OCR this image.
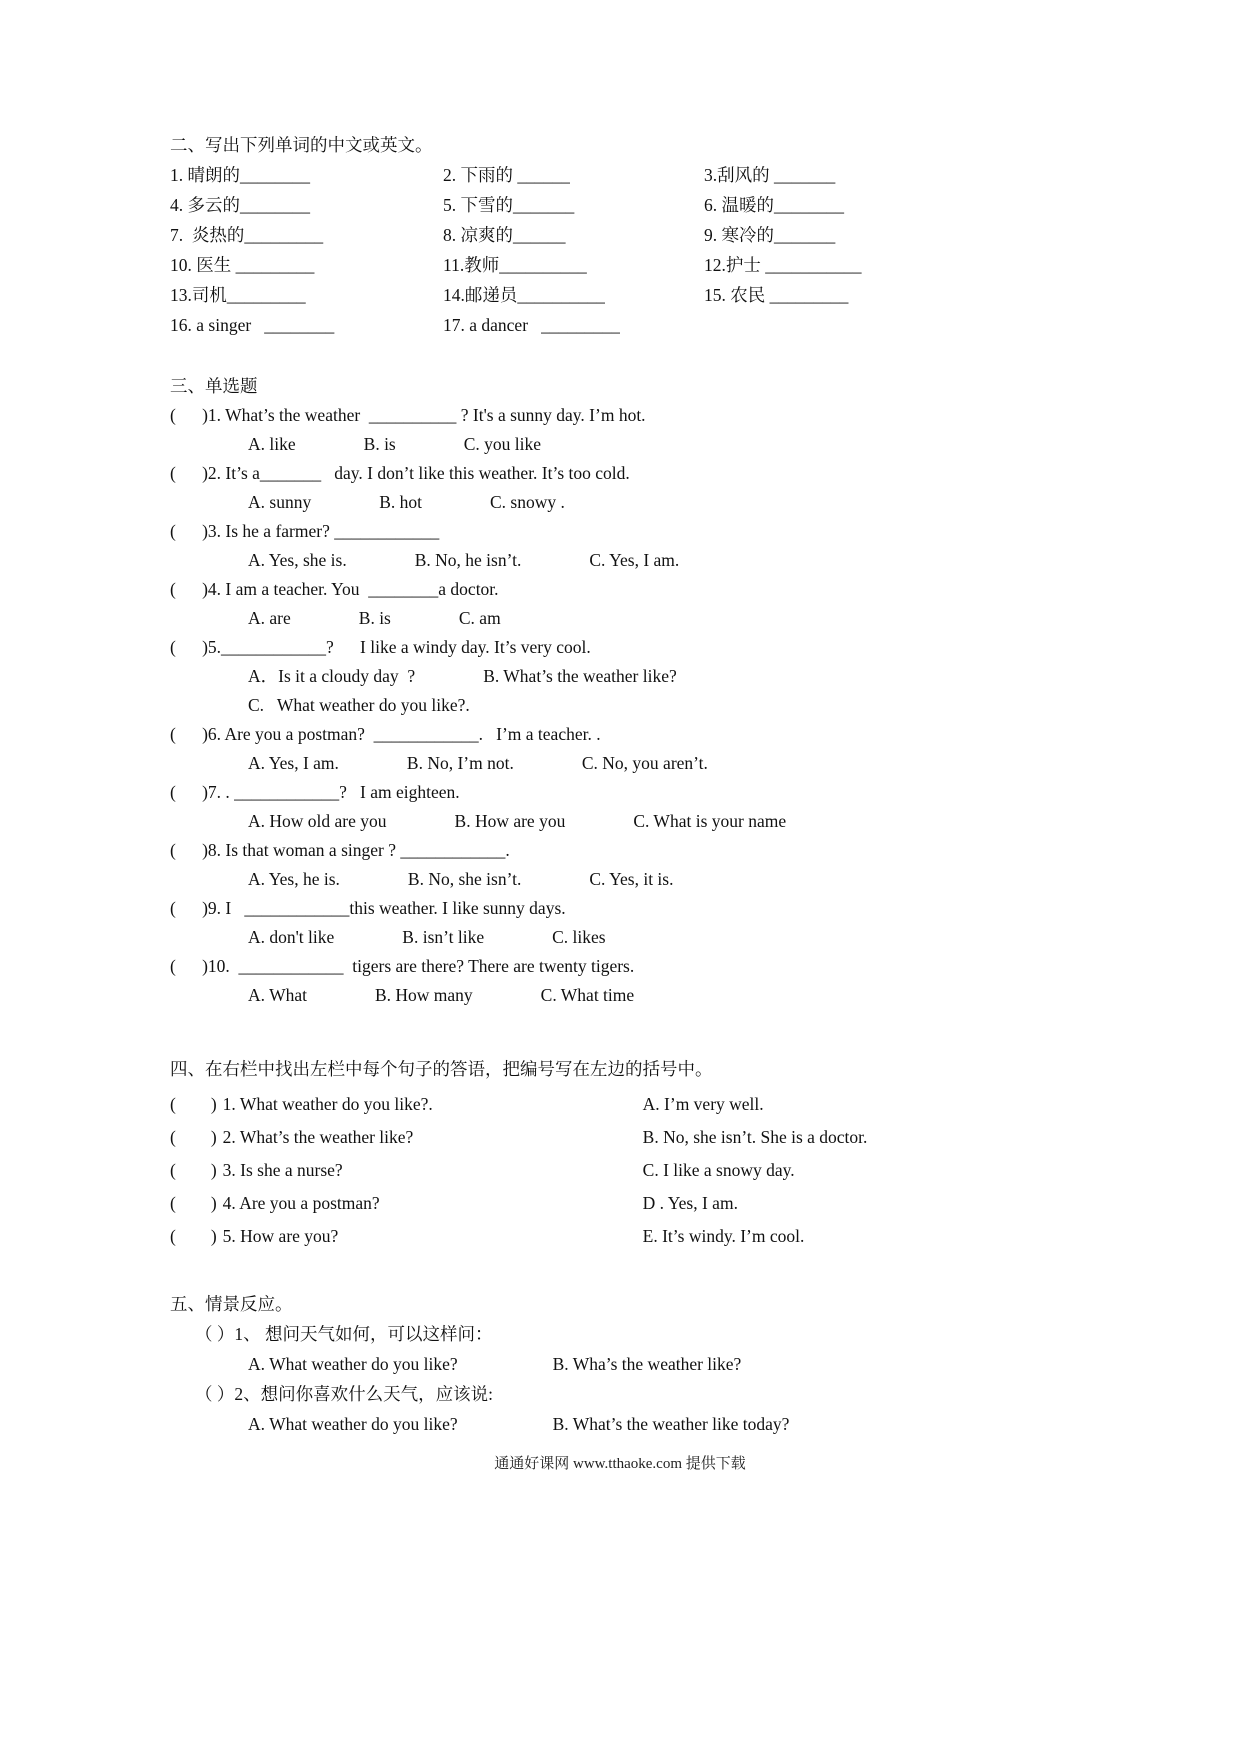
二、写出下列单词的中文或英文。
1. 晴朗的________	2. 下雨的 ______	3.刮风的 _______
4. 多云的________	5. 下雪的_______	6. 温暖的________
7.  炎热的_________	8. 凉爽的______	9. 寒冷的_______
10. 医生 _________	11.教师__________	12.护士 ___________
13.司机_________	14.邮递员__________	15. 农民 _________
16. a singer   ________	17. a dancer   _________
三、单选题
(      )1. What’s the weather  __________ ? It's a sunny day. I’m hot.
A. like	B. is	C. you like
(      )2. It’s a_______   day. I don’t like this weather. It’s too cold.
A. sunny	B. hot	C. snowy .
(      )3. Is he a farmer? ____________
A. Yes, she is.	B. No, he isn’t.	C. Yes, I am.
(      )4. I am a teacher. You  ________a doctor.
A. are	B. is	C. am
(      )5.____________?      I like a windy day. It’s very cool.
A．Is it a cloudy day  ?	B. What’s the weather like?
C.   What weather do you like?.
(      )6. Are you a postman?  ____________.   I’m a teacher. .
A. Yes, I am.	B. No, I’m not.	C. No, you aren’t.
(      )7. . ____________?   I am eighteen.
A. How old are you	B. How are you	C. What is your name
(      )8. Is that woman a singer ? ____________.
A. Yes, he is.	B. No, she isn’t.	C. Yes, it is.
(      )9. I   ____________this weather. I like sunny days.
A. don't like	B. isn’t like	C. likes
(      )10.  ____________  tigers are there? There are twenty tigers.
A. What	B. How many	C. What time
四、在右栏中找出左栏中每个句子的答语，把编号写在左边的括号中。
(        ) 1. What weather do you like?.	A. I’m very well.
(        ) 2. What’s the weather like?	B. No, she isn’t. She is a doctor.
(        ) 3. Is she a nurse?	C. I like a snowy day.
(        ) 4. Are you a postman?	D . Yes, I am.
(        ) 5. How are you?	E. It’s windy. I’m cool.
五、情景反应。
（ ）1、 想问天气如何，可以这样问：
A. What weather do you like?	B. Wha’s the weather like?
（ ）2、想问你喜欢什么天气，应该说:
A. What weather do you like?	B. What’s the weather like today?
通通好课网 www.tthaoke.com 提供下载
